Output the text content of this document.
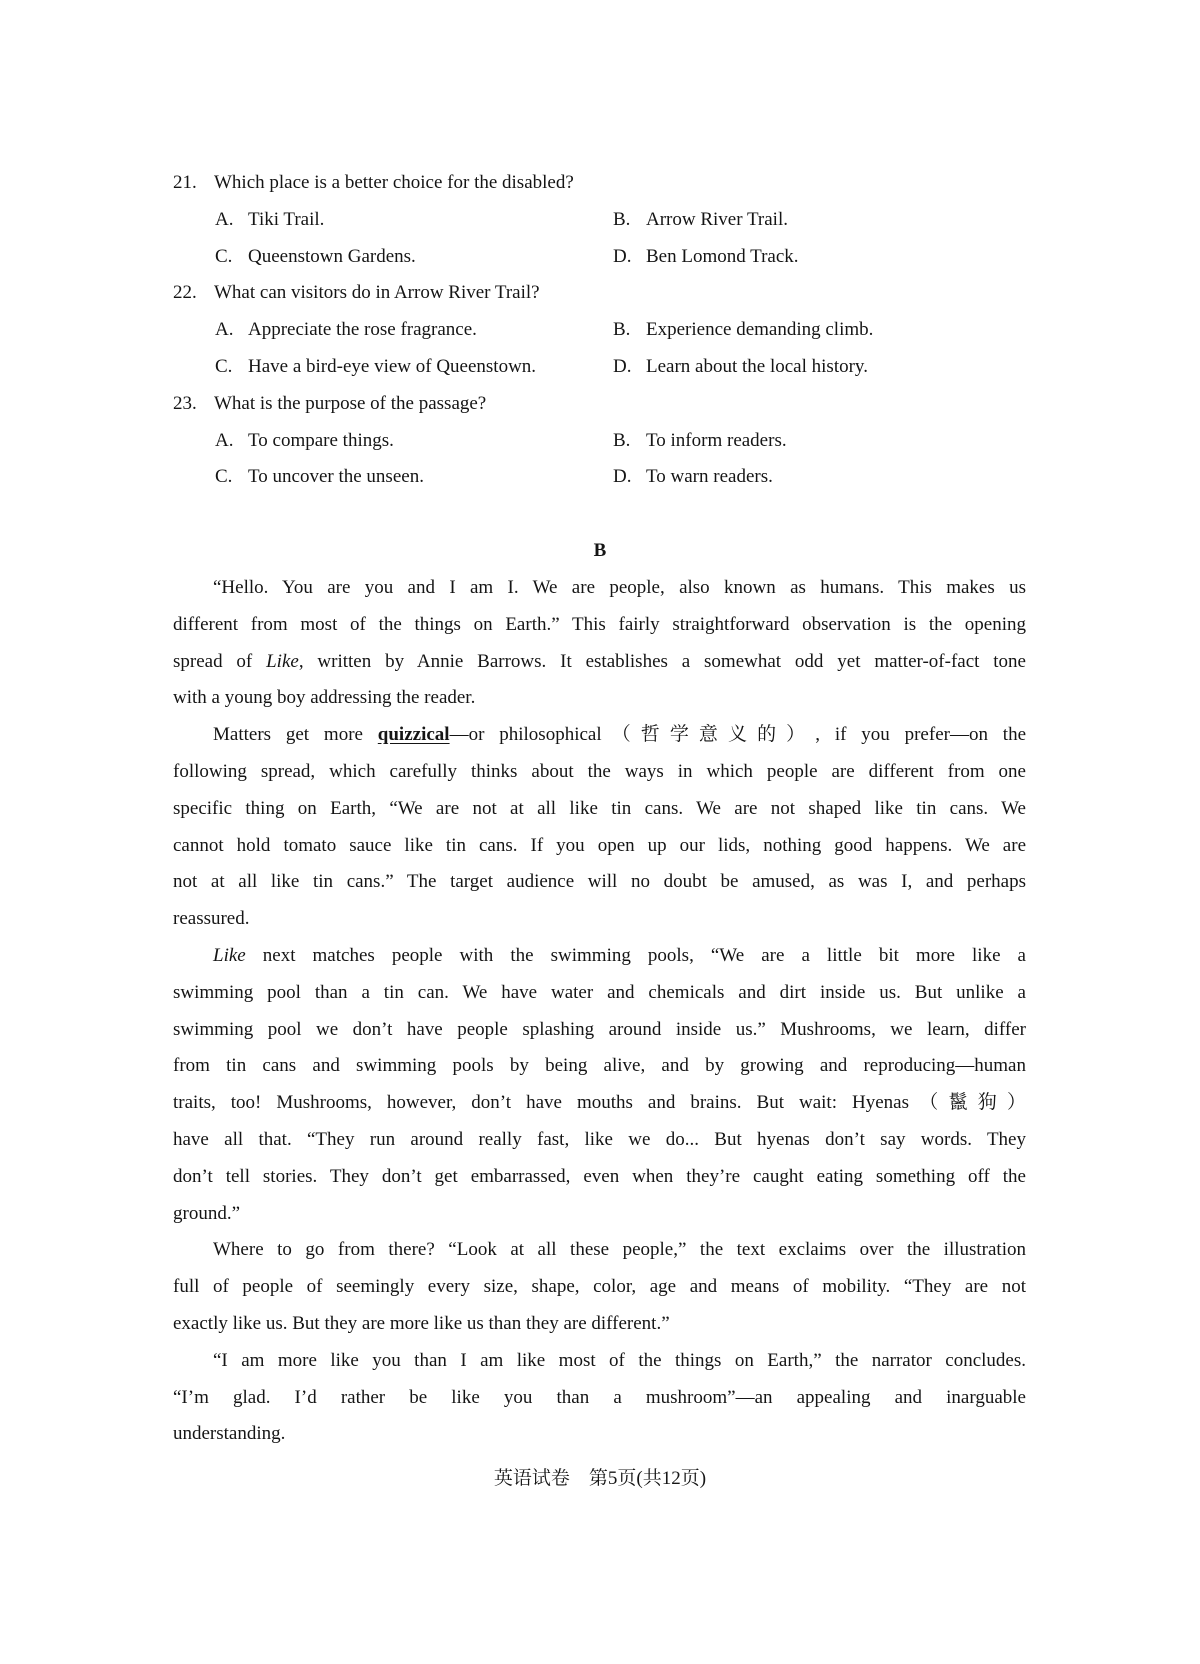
21. Which place is a better choice for the disabled?
A. Tiki Trail.	B. Arrow River Trail.
C. Queenstown Gardens.	D. Ben Lomond Track.
22. What can visitors do in Arrow River Trail?
A. Appreciate the rose fragrance.	B. Experience demanding climb.
C. Have a bird-eye view of Queenstown.	D. Learn about the local history.
23. What is the purpose of the passage?
A. To compare things.	B. To inform readers.
C. To uncover the unseen.	D. To warn readers.
B
“Hello. You are you and I am I. We are people, also known as humans. This makes us
different from most of the things on Earth.” This fairly straightforward observation is the opening
spread of Like, written by Annie Barrows. It establishes a somewhat odd yet matter-of-fact tone
with a young boy addressing the reader.
Matters get more quizzical—or philosophical（哲学意义的）, if you prefer—on the
following spread, which carefully thinks about the ways in which people are different from one
specific thing on Earth, “We are not at all like tin cans. We are not shaped like tin cans. We
cannot hold tomato sauce like tin cans. If you open up our lids, nothing good happens. We are
not at all like tin cans.” The target audience will no doubt be amused, as was I, and perhaps
reassured.
Like next matches people with the swimming pools, “We are a little bit more like a
swimming pool than a tin can. We have water and chemicals and dirt inside us. But unlike a
swimming pool we don’t have people splashing around inside us.” Mushrooms, we learn, differ
from tin cans and swimming pools by being alive, and by growing and reproducing—human
traits, too! Mushrooms, however, don’t have mouths and brains. But wait: Hyenas（鬣狗）
have all that. “They run around really fast, like we do... But hyenas don’t say words. They
don’t tell stories. They don’t get embarrassed, even when they’re caught eating something off the
ground.”
Where to go from there? “Look at all these people,” the text exclaims over the illustration
full of people of seemingly every size, shape, color, age and means of mobility. “They are not
exactly like us. But they are more like us than they are different.”
“I am more like you than I am like most of the things on Earth,” the narrator concludes.
“I’m glad. I’d rather be like you than a mushroom”—an appealing and inarguable
understanding.
英语试卷　第5页(共12页)
